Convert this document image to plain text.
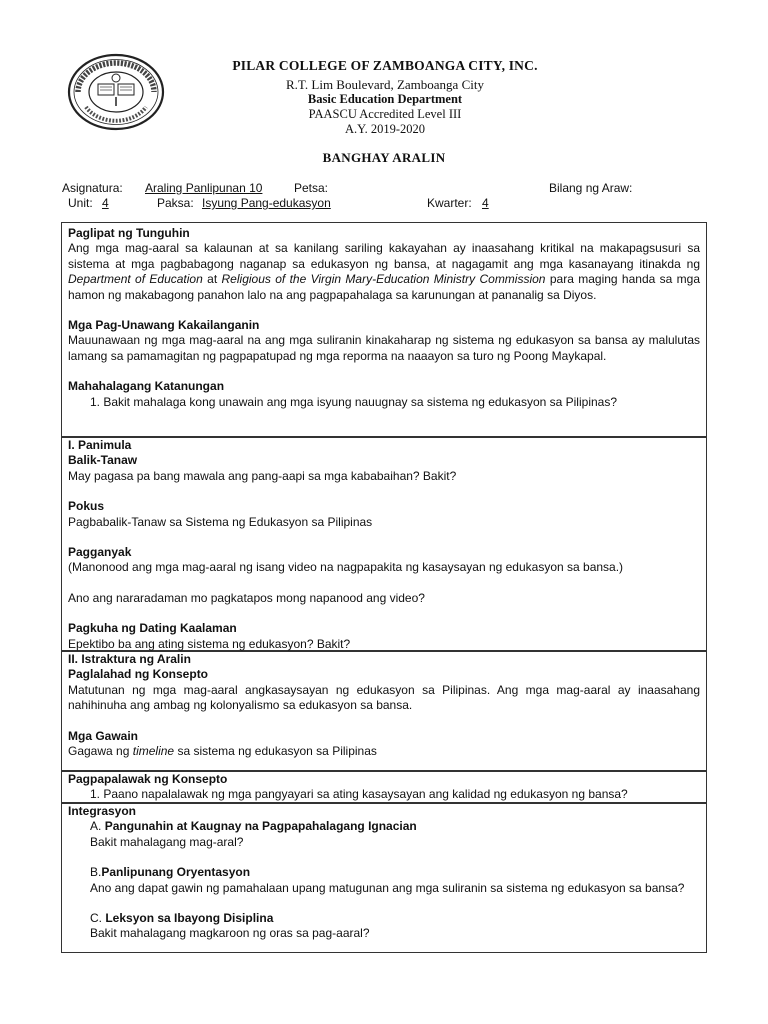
PILAR COLLEGE OF ZAMBOANGA CITY, INC.
R.T. Lim Boulevard, Zamboanga City
Basic Education Department
PAASCU Accredited Level III
A.Y. 2019-2020
BANGHAY ARALIN
Asignatura: Araling Panlipunan 10	Petsa:	Bilang ng Araw:
Unit: 4	Paksa: Isyung Pang-edukasyon	Kwarter: 4
Paglipat ng Tunguhin
Ang mga mag-aaral sa kalaunan at sa kanilang sariling kakayahan ay inaasahang kritikal na makapagsusuri sa sistema at mga pagbabagong naganap sa edukasyon ng bansa, at nagagamit ang mga kasanayang itinakda ng Department of Education at Religious of the Virgin Mary-Education Ministry Commission para maging handa sa mga hamon ng makabagong panahon lalo na ang pagpapahalaga sa karunungan at pananalig sa Diyos.
Mga Pag-Unawang Kakailanganin
Mauunawaan ng mga mag-aaral na ang mga suliranin kinakaharap ng sistema ng edukasyon sa bansa ay malulutas lamang sa pamamagitan ng pagpapatupad ng mga reporma na naaayon sa turo ng Poong Maykapal.
Mahahalagang Katanungan
1. Bakit mahalaga kong unawain ang mga isyung nauugnay sa sistema ng edukasyon sa Pilipinas?
I. Panimula
Balik-Tanaw
May pagasa pa bang mawala ang pang-aapi sa mga kababaihan? Bakit?
Pokus
Pagbabalik-Tanaw sa Sistema ng Edukasyon sa Pilipinas
Pagganyak
(Manonood ang mga mag-aaral ng isang video na nagpapakita ng kasaysayan ng edukasyon sa bansa.)
Ano ang nararadaman mo pagkatapos mong napanood ang video?
Pagkuha ng Dating Kaalaman
Epektibo ba ang ating sistema ng edukasyon? Bakit?
II. Istraktura ng Aralin
Paglalahad ng Konsepto
Matutunan ng mga mag-aaral angkasaysayan ng edukasyon sa Pilipinas. Ang mga mag-aaral ay inaasahang nahihinuha ang ambag ng kolonyalismo sa edukasyon sa bansa.
Mga Gawain
Gagawa ng timeline sa sistema ng edukasyon sa Pilipinas
Pagpapalawak ng Konsepto
1. Paano napalalawak ng mga pangyayari sa ating kasaysayan ang kalidad ng edukasyon ng bansa?
Integrasyon
A. Pangunahin at Kaugnay na Pagpapahalagang Ignacian
Bakit mahalagang mag-aral?
B.Panlipunang Oryentasyon
Ano ang dapat gawin ng pamahalaan upang matugunan ang mga suliranin sa sistema ng edukasyon sa bansa?
C. Leksyon sa Ibayong Disiplina
Bakit mahalagang magkaroon ng oras sa pag-aaral?
